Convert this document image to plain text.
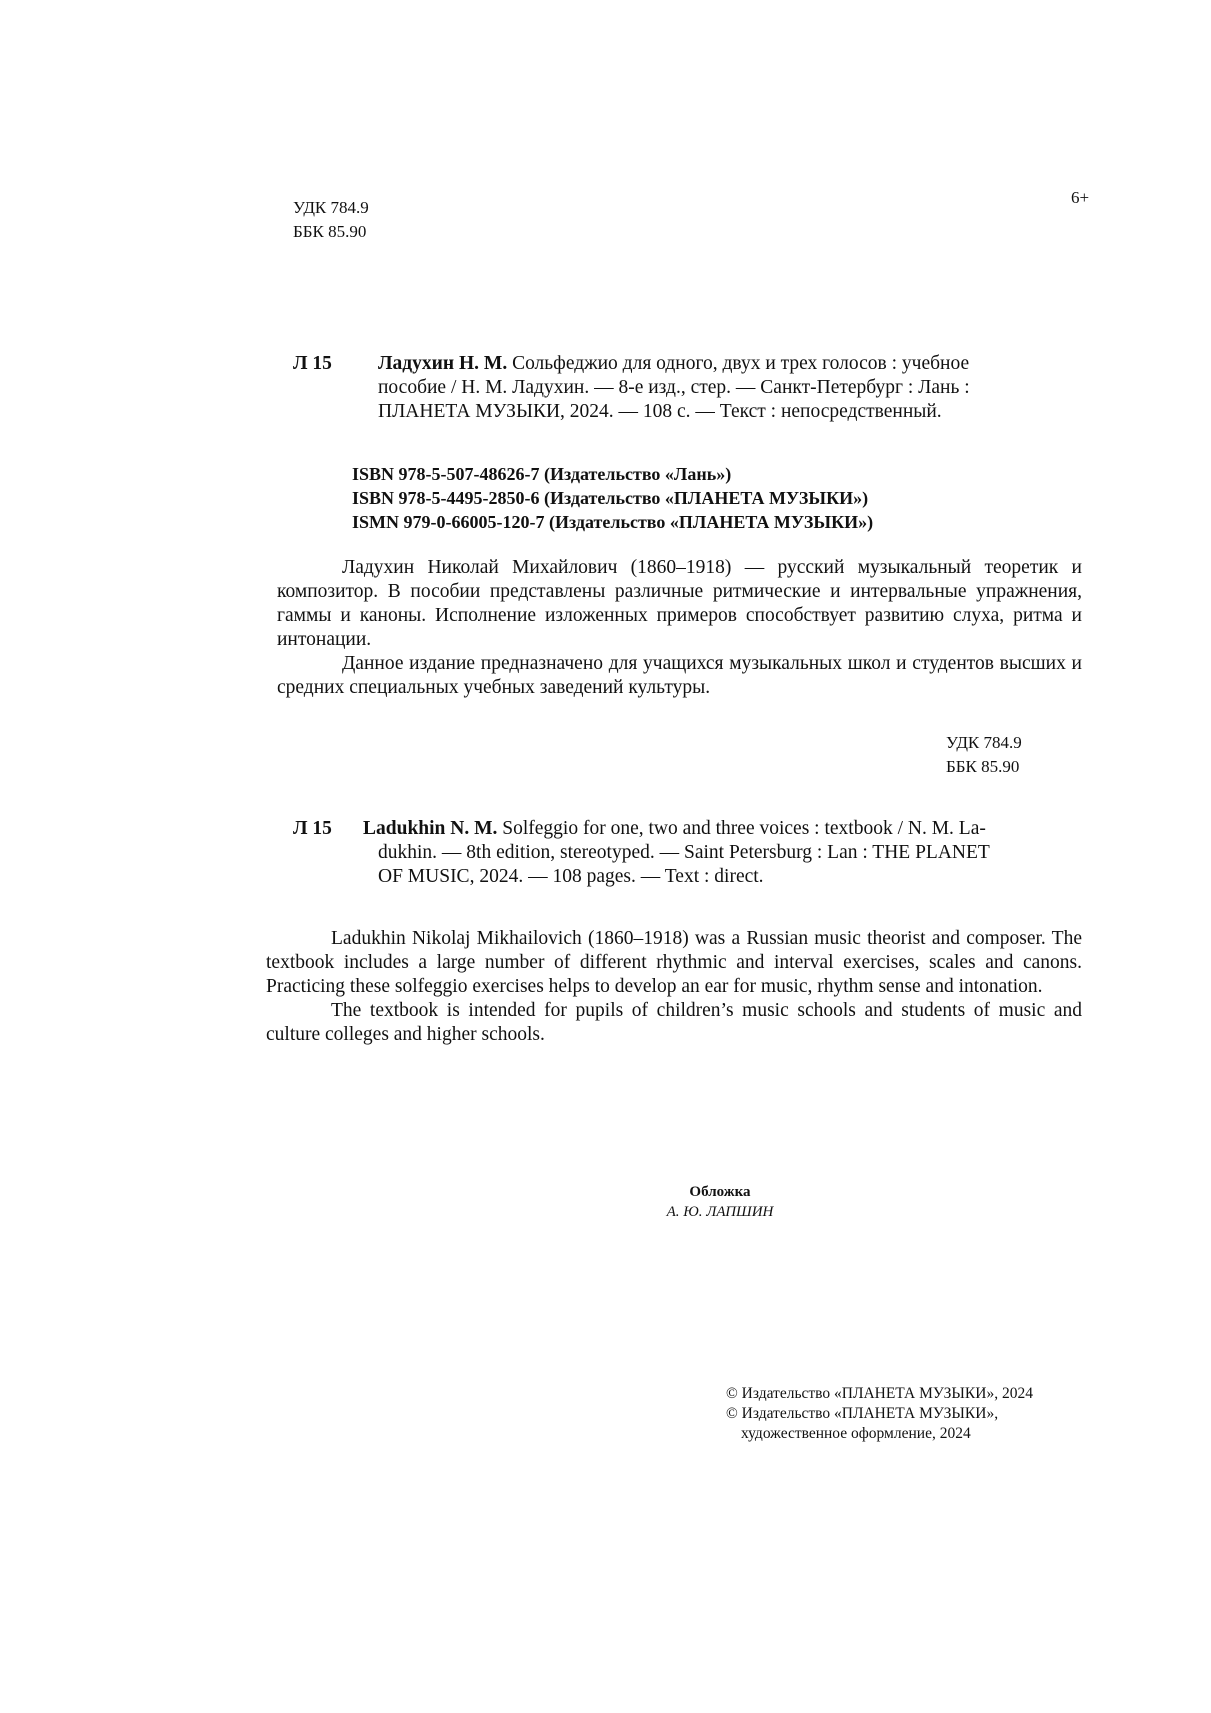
УДК 784.9
ББК 85.90
6+
Л 15 Ладухин Н. М. Сольфеджио для одного, двух и трех голосов : учебное
пособие / Н. М. Ладухин. — 8-е изд., стер. — Санкт-Петербург : Лань :
ПЛАНЕТА МУЗЫКИ, 2024. — 108 с. — Текст : непосредственный.
ISBN 978-5-507-48626-7 (Издательство «Лань»)
ISBN 978-5-4495-2850-6 (Издательство «ПЛАНЕТА МУЗЫКИ»)
ISMN 979-0-66005-120-7 (Издательство «ПЛАНЕТА МУЗЫКИ»)
Ладухин Николай Михайлович (1860–1918) — русский музыкальный теоретик и композитор. В пособии представлены различные ритмические и интервальные упражнения, гаммы и каноны. Исполнение изложенных примеров способствует развитию слуха, ритма и интонации.
Данное издание предназначено для учащихся музыкальных школ и студентов высших и средних специальных учебных заведений культуры.
УДК 784.9
ББК 85.90
Л 15 Ladukhin N. M. Solfeggio for one, two and three voices : textbook / N. M. La-
dukhin. — 8th edition, stereotyped. — Saint Petersburg : Lan : THE PLANET
OF MUSIC, 2024. — 108 pages. — Text : direct.
Ladukhin Nikolaj Mikhailovich (1860–1918) was a Russian music theorist and composer. The textbook includes a large number of different rhythmic and interval exercises, scales and canons. Practicing these solfeggio exercises helps to develop an ear for music, rhythm sense and intonation.
The textbook is intended for pupils of children’s music schools and students of music and culture colleges and higher schools.
Обложка
А. Ю. ЛАПШИН
© Издательство «ПЛАНЕТА МУЗЫКИ», 2024
© Издательство «ПЛАНЕТА МУЗЫКИ»,
художественное оформление, 2024
